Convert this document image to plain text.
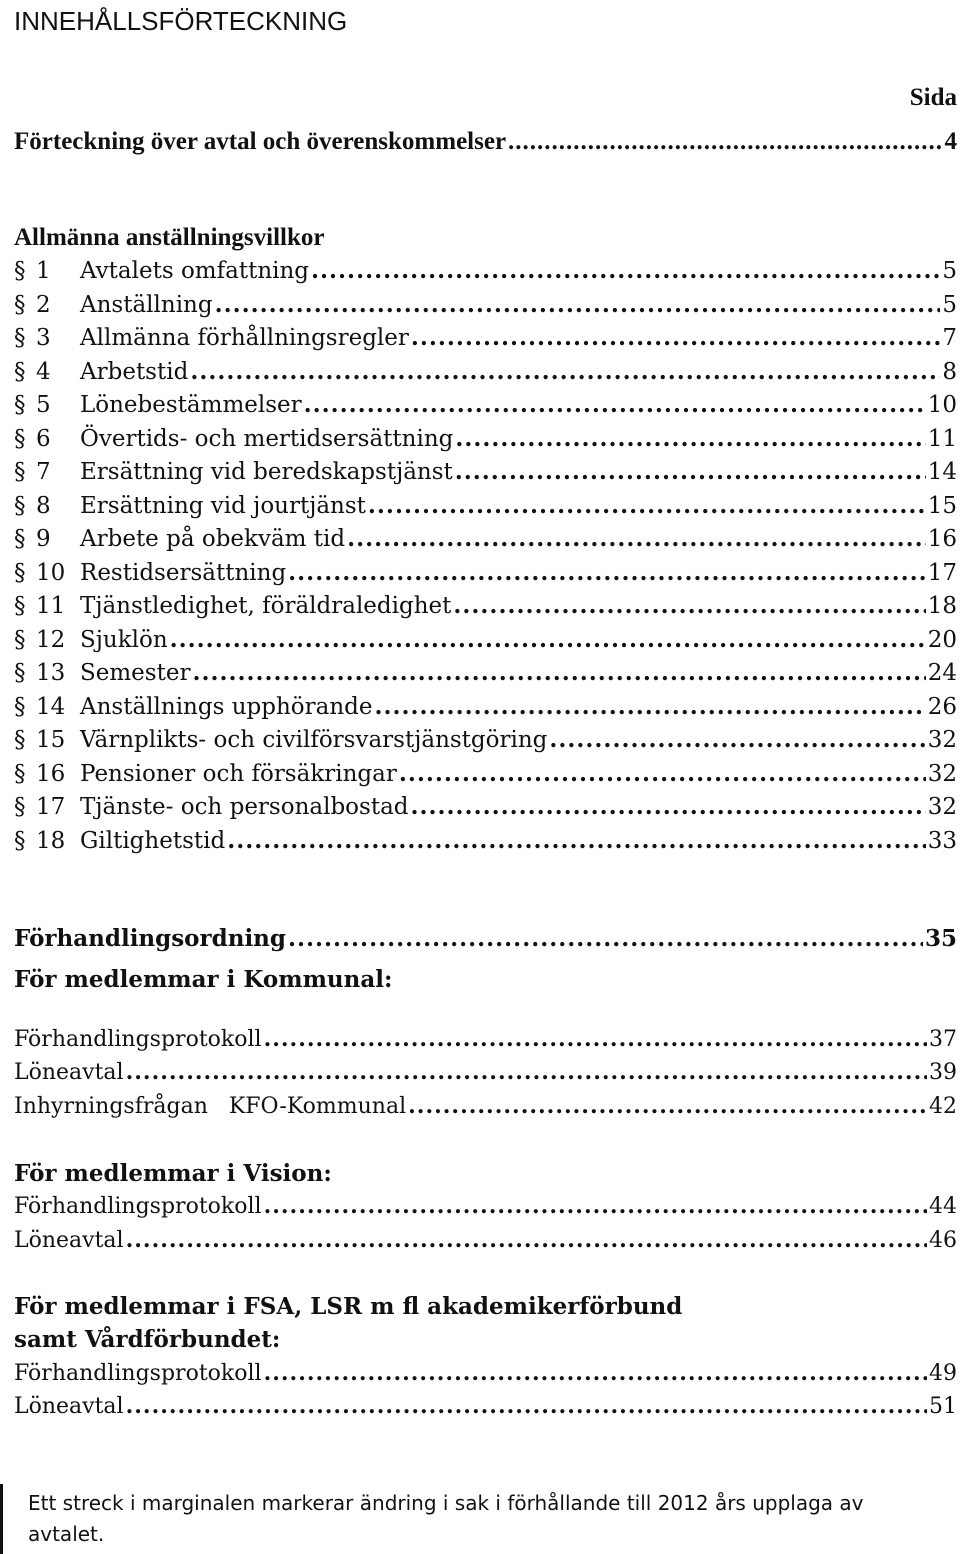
INNEHÅLLSFÖRTECKNING
Sida
Förteckning över avtal och överenskommelser .....	4
Allmänna anställningsvillkor
§ 1	Avtalets omfattning .....	5
§ 2	Anställning .....	5
§ 3	Allmänna förhållningsregler .....	7
§ 4	Arbetstid .....	8
§ 5	Lönebestämmelser .....	10
§ 6	Övertids- och mertidsersättning .....	11
§ 7	Ersättning vid beredskapstjänst .....	14
§ 8	Ersättning vid jourtjänst .....	15
§ 9	Arbete på obekväm tid .....	16
§ 10 Restidsersättning .....	17
§ 11 Tjänstledighet, föräldraledighet .....	18
§ 12 Sjuklön .....	20
§ 13 Semester .....	24
§ 14 Anställnings upphörande .....	26
§ 15 Värnplikts- och civilförsvarstjänstgöring .....	32
§ 16 Pensioner och försäkringar .....	32
§ 17 Tjänste- och personalbostad .....	32
§ 18 Giltighetstid .....	33
Förhandlingsordning .....	35
För medlemmar i Kommunal:
Förhandlingsprotokoll .....	37
Löneavtal .....	39
Inhyrningsfrågan   KFO-Kommunal .....	42
För medlemmar i Vision:
Förhandlingsprotokoll .....	44
Löneavtal .....	46
För medlemmar i FSA, LSR m fl akademikerförbund
samt Vårdförbundet:
Förhandlingsprotokoll .....	49
Löneavtal .....	51
Ett streck i marginalen markerar ändring i sak i förhållande till 2012 års upplaga av avtalet.
